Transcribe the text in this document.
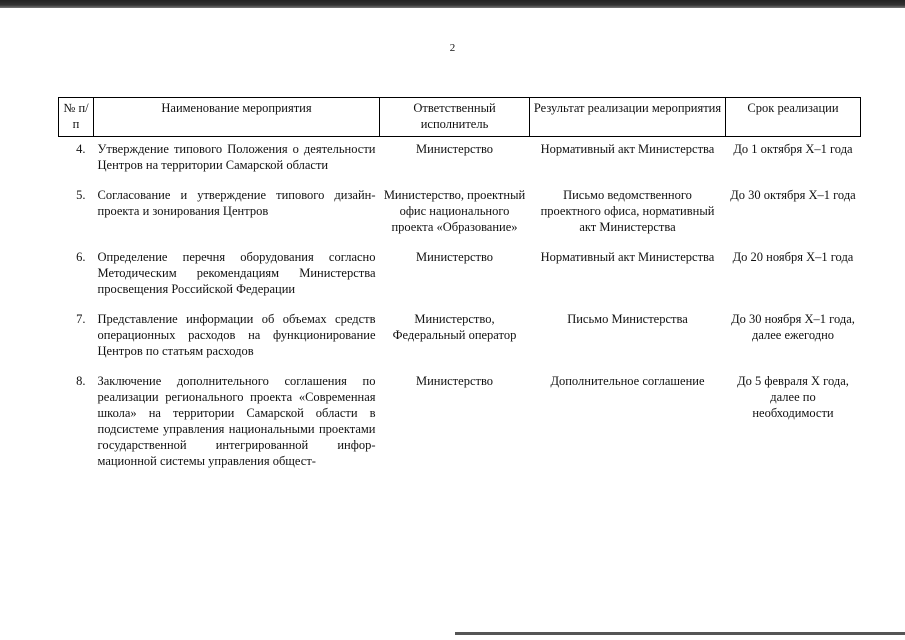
2
№ п/п	Наименование мероприятия	Ответственный исполнитель	Результат реализации мероприятия	Срок реализации
4.	Утверждение типового Положения о деятельности Центров на территории Самарской области	Министерство	Нормативный акт Министерства	До 1 октября X–1 года
5.	Согласование и утверждение типового дизайн-проекта и зонирования Центров	Министерство, проектный офис национального проекта «Образование»	Письмо ведомственного проектного офиса, нормативный акт Министерства	До 30 октября X–1 года
6.	Определение перечня оборудования согласно Методическим рекомендациям Министерства просвещения Российской Федерации	Министерство	Нормативный акт Министерства	До 20 ноября X–1 года
7.	Представление информации об объемах средств операционных расходов на функционирование Центров по статьям расходов	Министерство, Федеральный оператор	Письмо Министерства	До 30 ноября X–1 года, далее ежегодно
8.	Заключение дополнительного соглашения по реализации регионального проекта «Современная школа» на территории Самарской области в подсистеме управления национальными проектами государственной интегрированной инфор-мационной системы управления общест-	Министерство	Дополнительное соглашение	До 5 февраля X года, далее по необходимости
